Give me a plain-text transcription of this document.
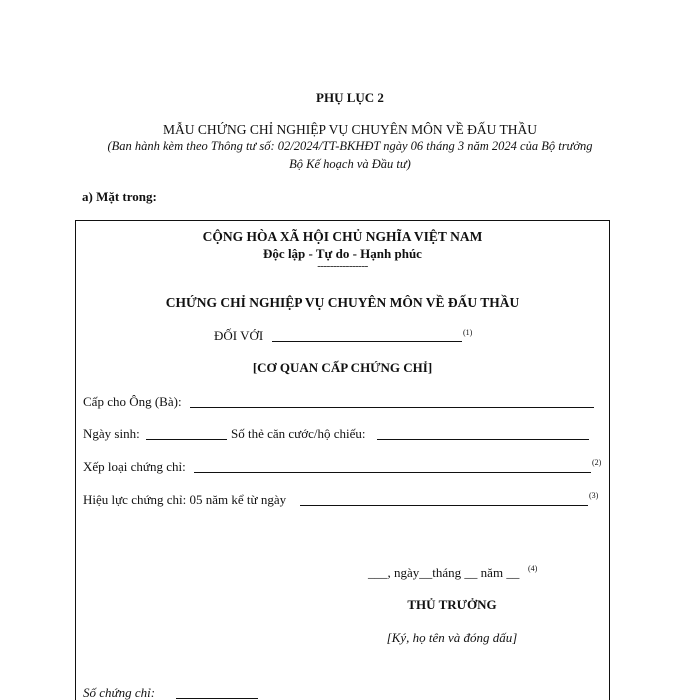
PHỤ LỤC 2
MẪU CHỨNG CHỈ NGHIỆP VỤ CHUYÊN MÔN VỀ ĐẤU THẦU
(Ban hành kèm theo Thông tư số: 02/2024/TT-BKHĐT ngày 06 tháng 3 năm 2024 của Bộ trưởng
Bộ Kế hoạch và Đầu tư)
a) Mặt trong:
CỘNG HÒA XÃ HỘI CHỦ NGHĨA VIỆT NAM
Độc lập - Tự do - Hạnh phúc
----------------
CHỨNG CHỈ NGHIỆP VỤ CHUYÊN MÔN VỀ ĐẤU THẦU
ĐỐI VỚI	(1)
[CƠ QUAN CẤP CHỨNG CHỈ]
Cấp cho Ông (Bà):
Ngày sinh:	Số thẻ căn cước/hộ chiếu:
Xếp loại chứng chỉ:	(2)
Hiệu lực chứng chỉ: 05 năm kể từ ngày	(3)
___, ngày__tháng __ năm __ (4)
THỦ TRƯỞNG
[Ký, họ tên và đóng dấu]
Số chứng chỉ:
